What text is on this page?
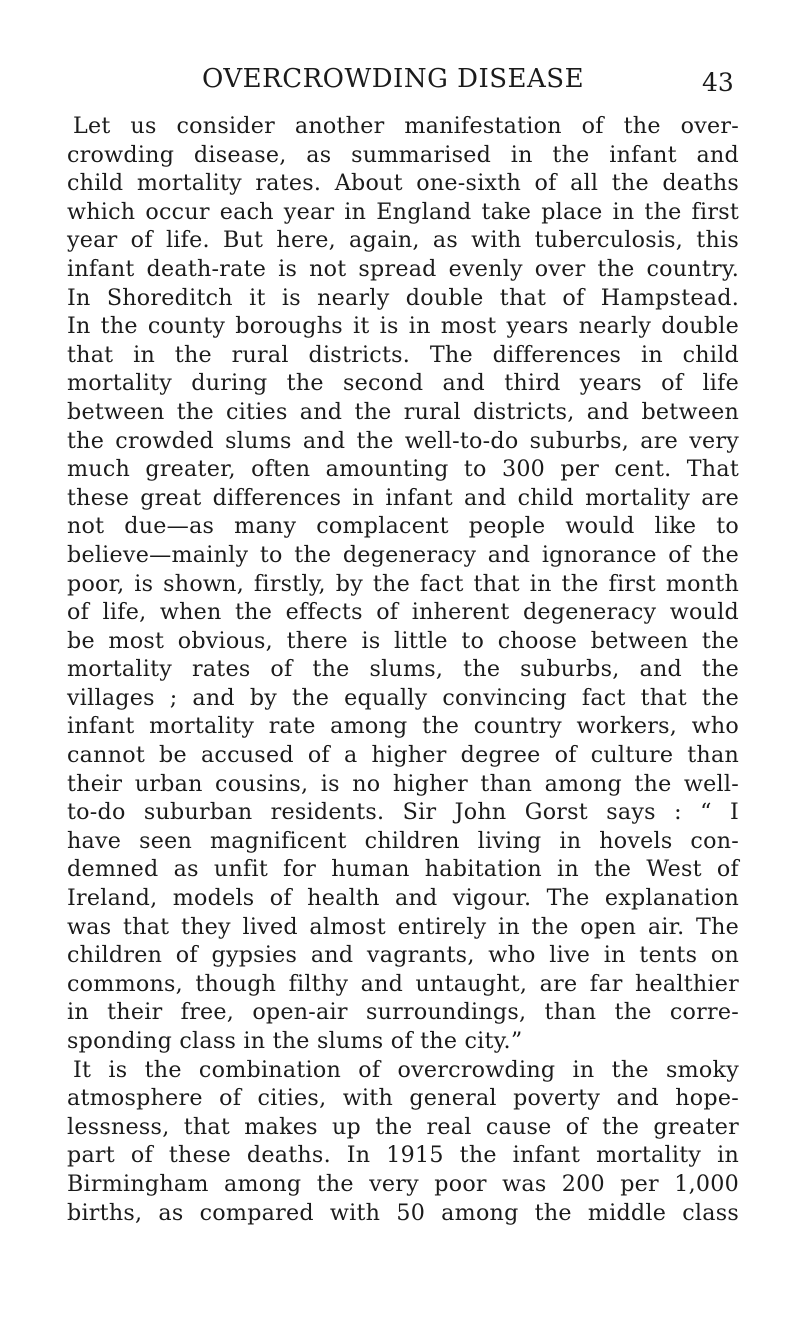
OVERCROWDING DISEASE	43
Let us consider another manifestation of the over-
crowding disease, as summarised in the infant and
child mortality rates. About one-sixth of all the deaths
which occur each year in England take place in the first
year of life. But here, again, as with tuberculosis, this
infant death-rate is not spread evenly over the country.
In Shoreditch it is nearly double that of Hampstead.
In the county boroughs it is in most years nearly double
that in the rural districts. The differences in child
mortality during the second and third years of life
between the cities and the rural districts, and between
the crowded slums and the well-to-do suburbs, are very
much greater, often amounting to 300 per cent. That
these great differences in infant and child mortality are
not due—as many complacent people would like to
believe—mainly to the degeneracy and ignorance of the
poor, is shown, firstly, by the fact that in the first month
of life, when the effects of inherent degeneracy would
be most obvious, there is little to choose between the
mortality rates of the slums, the suburbs, and the
villages ; and by the equally convincing fact that the
infant mortality rate among the country workers, who
cannot be accused of a higher degree of culture than
their urban cousins, is no higher than among the well-
to-do suburban residents. Sir John Gorst says : “ I
have seen magnificent children living in hovels con-
demned as unfit for human habitation in the West of
Ireland, models of health and vigour. The explanation
was that they lived almost entirely in the open air. The
children of gypsies and vagrants, who live in tents on
commons, though filthy and untaught, are far healthier
in their free, open-air surroundings, than the corre-
sponding class in the slums of the city.”
It is the combination of overcrowding in the smoky
atmosphere of cities, with general poverty and hope-
lessness, that makes up the real cause of the greater
part of these deaths. In 1915 the infant mortality in
Birmingham among the very poor was 200 per 1,000
births, as compared with 50 among the middle class
